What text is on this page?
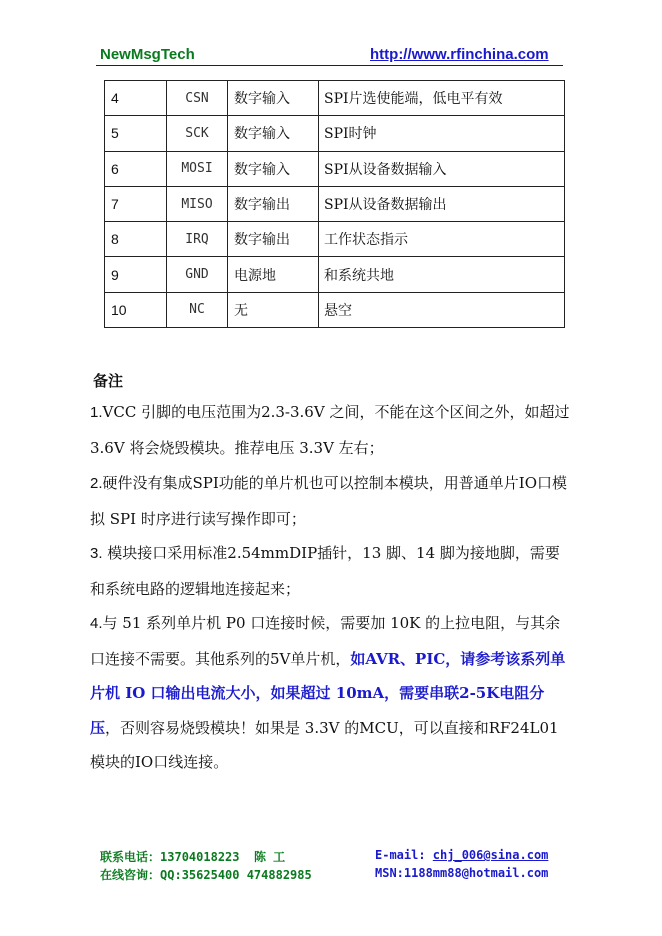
NewMsgTech	http://www.rfinchina.com
4	CSN	数字输入	SPI片选使能端，低电平有效
5	SCK	数字输入	SPI时钟
6	MOSI	数字输入	SPI从设备数据输入
7	MISO	数字输出	SPI从设备数据输出
8	IRQ	数字输出	工作状态指示
9	GND	电源地	和系统共地
10	NC	无	悬空
备注
1.VCC 引脚的电压范围为2.3-3.6V 之间，不能在这个区间之外，如超过 3.6V 将会烧毁模块。推荐电压 3.3V 左右；
2.硬件没有集成SPI功能的单片机也可以控制本模块，用普通单片IO口模拟 SPI 时序进行读写操作即可；
3. 模块接口采用标准2.54mmDIP插针，13 脚、14 脚为接地脚，需要和系统电路的逻辑地连接起来；
4.与 51 系列单片机 P0 口连接时候，需要加 10K 的上拉电阻，与其余口连接不需要。其他系列的5V单片机，如AVR、PIC，请参考该系列单片机 IO 口输出电流大小，如果超过 10mA，需要串联2-5K电阻分压，否则容易烧毁模块！如果是 3.3V 的MCU，可以直接和RF24L01模块的IO口线连接。
联系电话：13704018223 陈 工
在线咨询：QQ:35625400 474882985
E-mail: chj_006@sina.com
MSN:1188mm88@hotmail.com
